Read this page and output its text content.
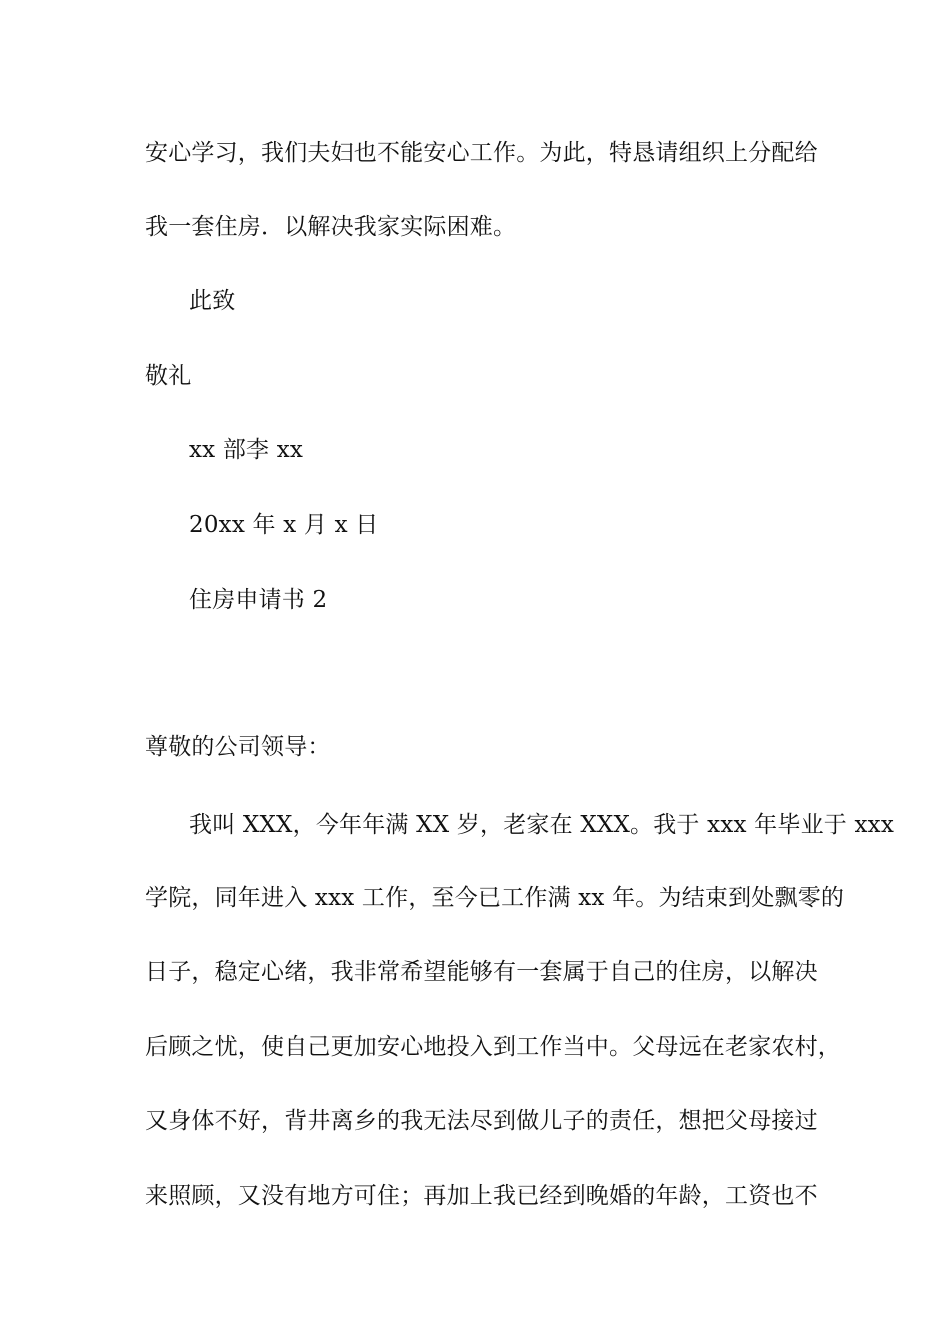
安心学习，我们夫妇也不能安心工作。为此，特恳请组织上分配给
我一套住房．以解决我家实际困难。
此致
敬礼
xx 部李 xx
20xx 年 x 月 x 日
住房申请书 2
尊敬的公司领导：
我叫 XXX，今年年满 XX 岁，老家在 XXX。我于 xxx 年毕业于 xxx
学院，同年进入 xxx 工作，至今已工作满 xx 年。为结束到处飘零的
日子，稳定心绪，我非常希望能够有一套属于自己的住房，以解决
后顾之忧，使自己更加安心地投入到工作当中。父母远在老家农村，
又身体不好，背井离乡的我无法尽到做儿子的责任，想把父母接过
来照顾，又没有地方可住；再加上我已经到晚婚的年龄，工资也不
